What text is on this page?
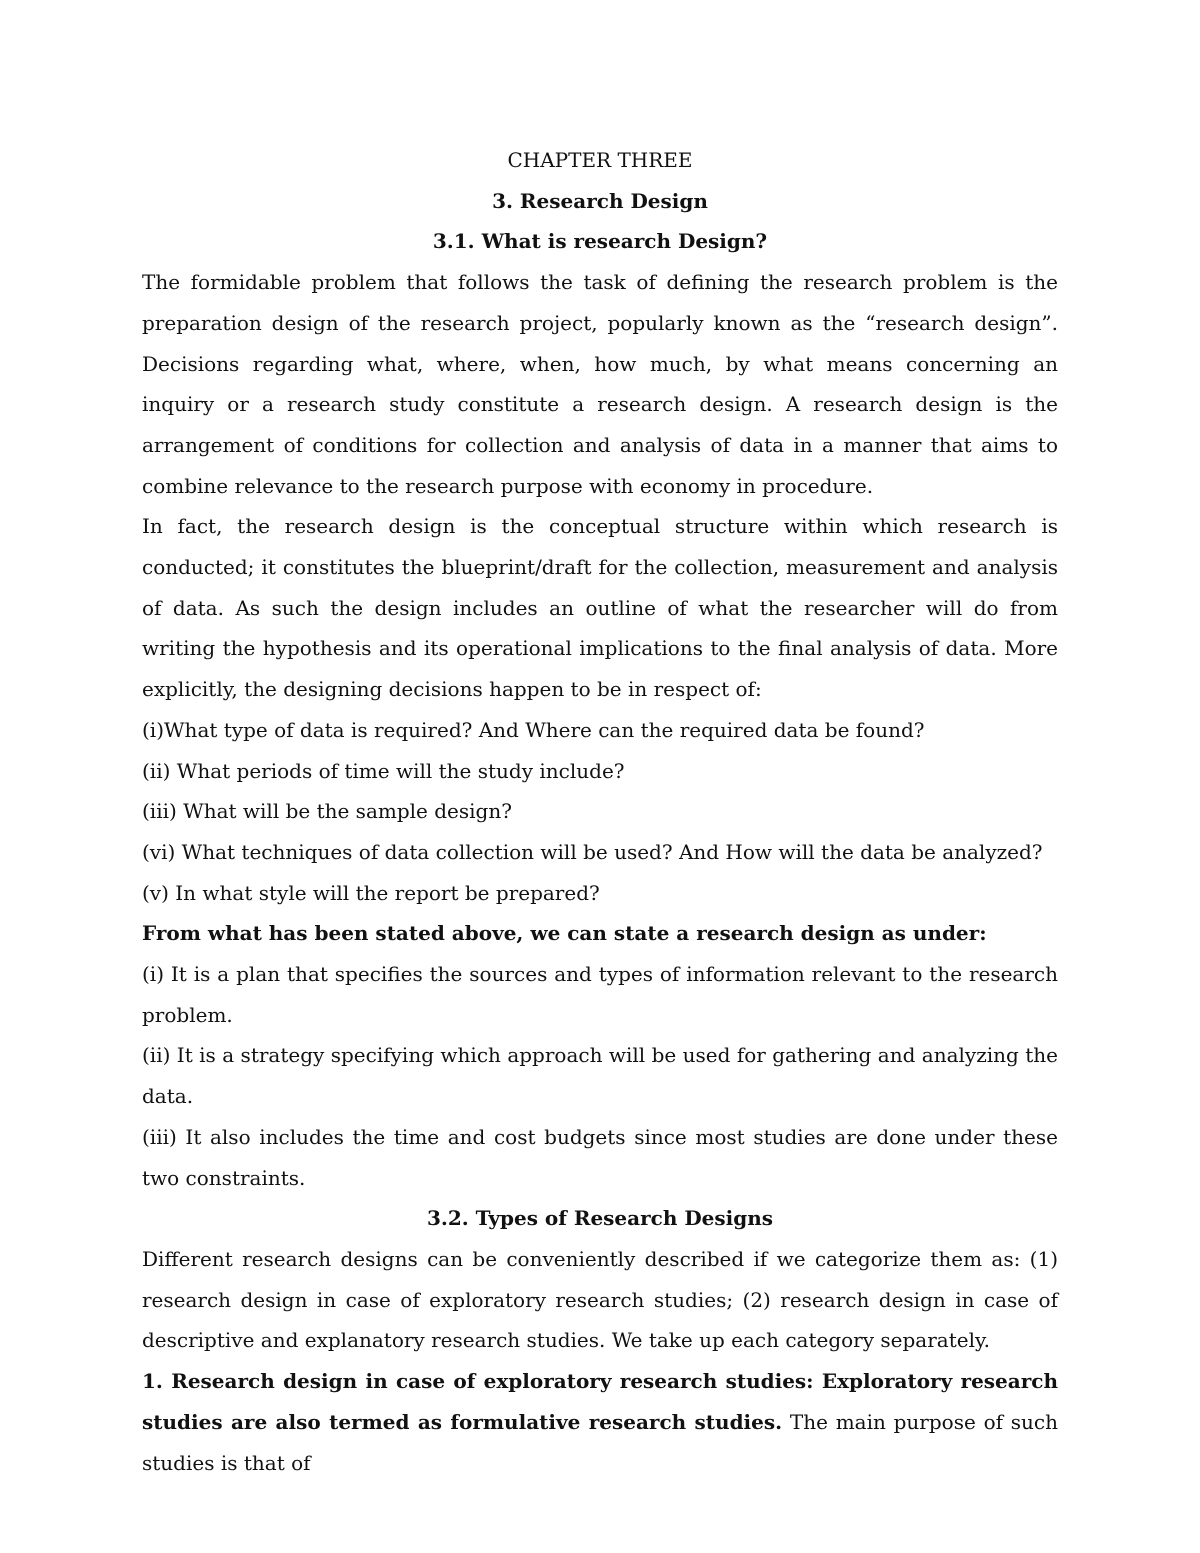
CHAPTER THREE

3. Research Design

3.1. What is research Design?

The formidable problem that follows the task of defining the research problem is the preparation design of the research project, popularly known as the “research design”. Decisions regarding what, where, when, how much, by what means concerning an inquiry or a research study constitute a research design. A research design is the arrangement of conditions for collection and analysis of data in a manner that aims to combine relevance to the research purpose with economy in procedure.

In fact, the research design is the conceptual structure within which research is conducted; it constitutes the blueprint/draft for the collection, measurement and analysis of data. As such the design includes an outline of what the researcher will do from writing the hypothesis and its operational implications to the final analysis of data. More explicitly, the designing decisions happen to be in respect of:

(i)What type of data is required? And Where can the required data be found?

(ii) What periods of time will the study include?

(iii) What will be the sample design?

(vi) What techniques of data collection will be used? And How will the data be analyzed?

(v) In what style will the report be prepared?

From what has been stated above, we can state a research design as under:

(i) It is a plan that specifies the sources and types of information relevant to the research problem.

(ii) It is a strategy specifying which approach will be used for gathering and analyzing the data.

(iii) It also includes the time and cost budgets since most studies are done under these two constraints.

3.2. Types of Research Designs

Different research designs can be conveniently described if we categorize them as: (1) research design in case of exploratory research studies; (2) research design in case of descriptive and explanatory research studies. We take up each category separately.

1. Research design in case of exploratory research studies: Exploratory research studies are also termed as formulative research studies. The main purpose of such studies is that of
